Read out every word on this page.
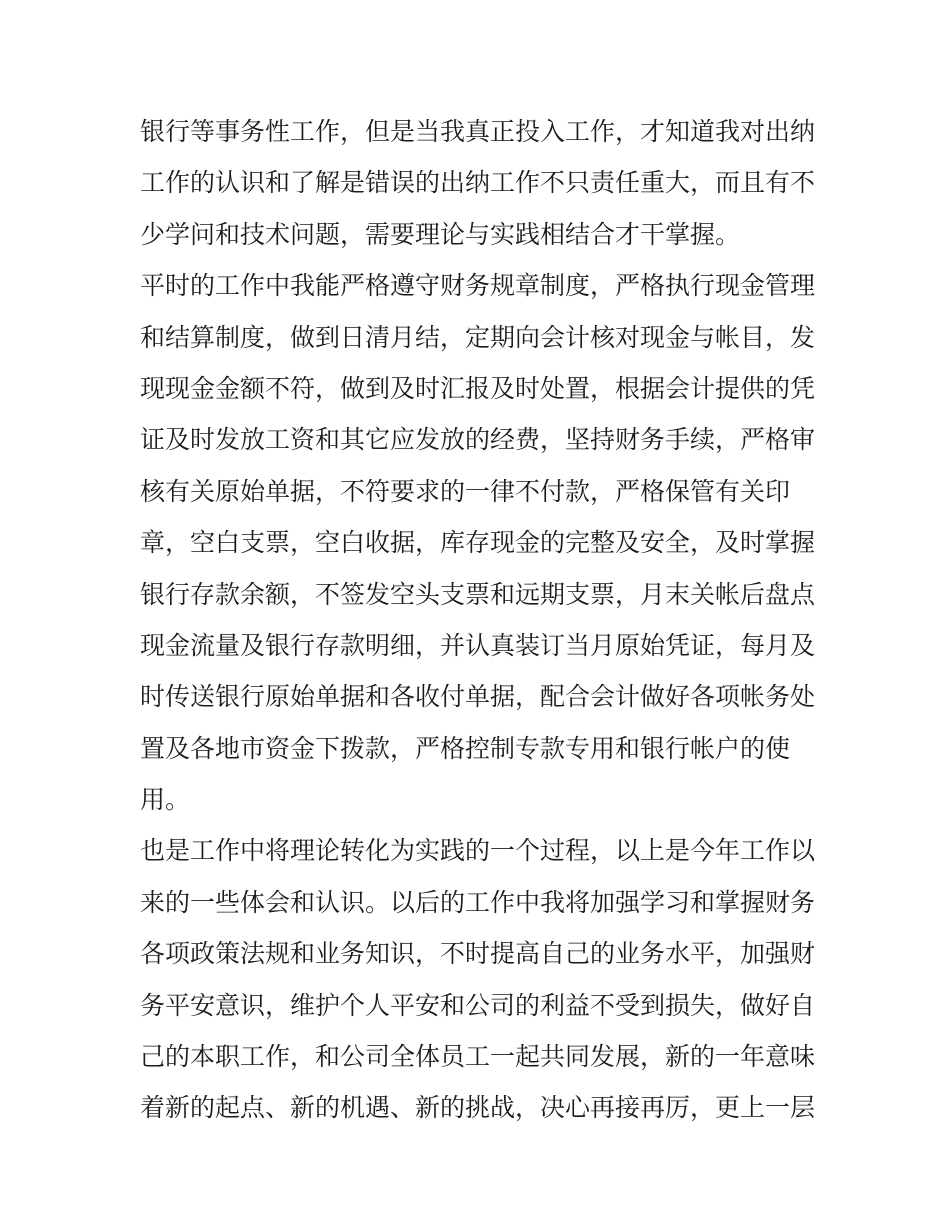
银行等事务性工作，但是当我真正投入工作，才知道我对出纳
工作的认识和了解是错误的出纳工作不只责任重大，而且有不
少学问和技术问题，需要理论与实践相结合才干掌握。
平时的工作中我能严格遵守财务规章制度，严格执行现金管理
和结算制度，做到日清月结，定期向会计核对现金与帐目，发
现现金金额不符，做到及时汇报及时处置，根据会计提供的凭
证及时发放工资和其它应发放的经费，坚持财务手续，严格审
核有关原始单据，不符要求的一律不付款，严格保管有关印
章，空白支票，空白收据，库存现金的完整及安全，及时掌握
银行存款余额，不签发空头支票和远期支票，月末关帐后盘点
现金流量及银行存款明细，并认真装订当月原始凭证，每月及
时传送银行原始单据和各收付单据，配合会计做好各项帐务处
置及各地市资金下拨款，严格控制专款专用和银行帐户的使
用。
也是工作中将理论转化为实践的一个过程，以上是今年工作以
来的一些体会和认识。以后的工作中我将加强学习和掌握财务
各项政策法规和业务知识，不时提高自己的业务水平，加强财
务平安意识，维护个人平安和公司的利益不受到损失，做好自
己的本职工作，和公司全体员工一起共同发展，新的一年意味
着新的起点、新的机遇、新的挑战，决心再接再厉，更上一层
